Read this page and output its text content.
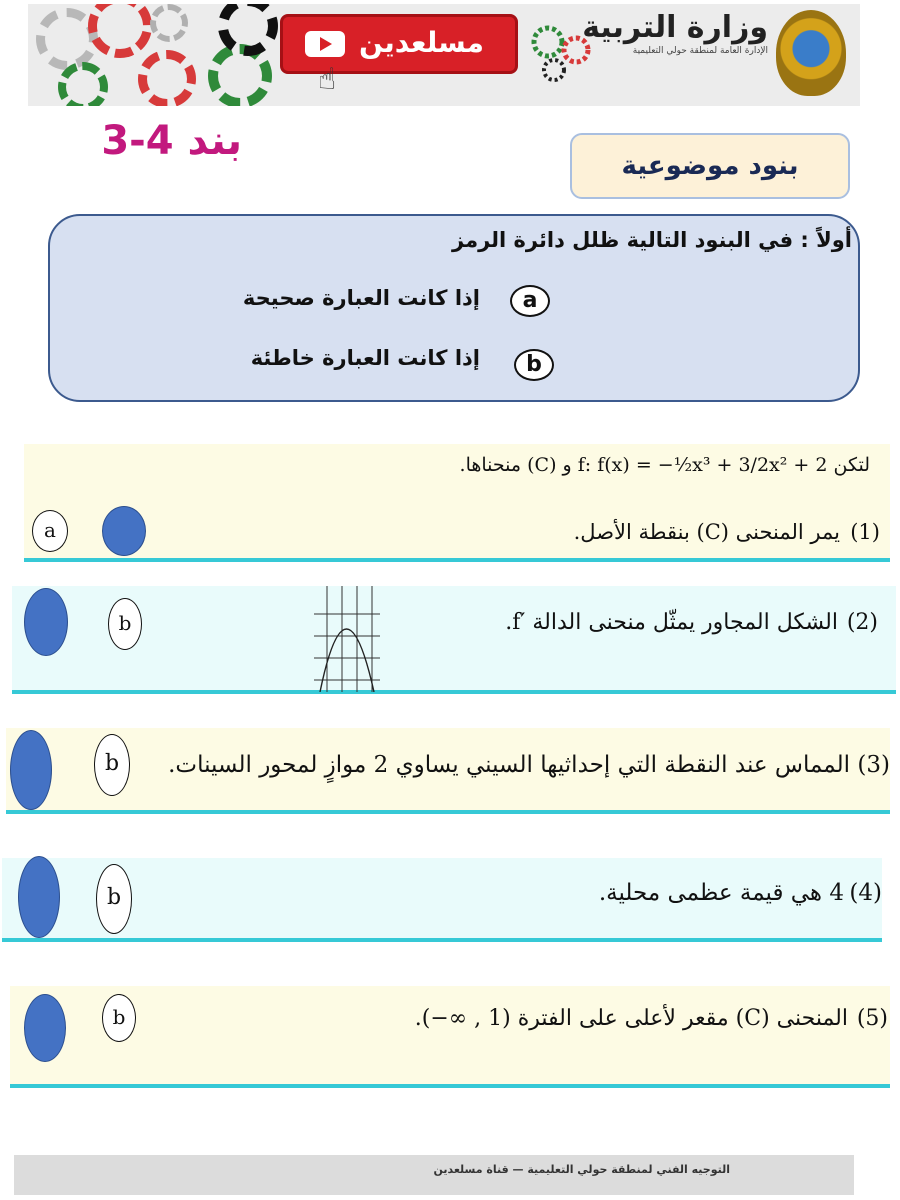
مسلعدين
☝
وزارة التربية
الإدارة العامة لمنطقة حولي التعليمية
بند 4-3
بنود موضوعية
أولاً : في البنود التالية ظلل دائرة الرمز
a
إذا كانت العبارة صحيحة
b
إذا كانت العبارة خاطئة
لتكن f: f(x) = −½x³ + 3/2x² + 2 و (C) منحناها.
(1)
يمر المنحنى (C) بنقطة الأصل.
a
(2)
الشكل المجاور يمثّل منحنى الدالة ′f.
b
(3)
المماس عند النقطة التي إحداثيها السيني يساوي 2 موازٍ لمحور السينات.
b
(4)
4 هي قيمة عظمى محلية.
b
(5)
المنحنى (C) مقعر لأعلى على الفترة (1 , ∞−).
b
التوجيه الفني لمنطقة حولي التعليمية — قناة مسلعدين
